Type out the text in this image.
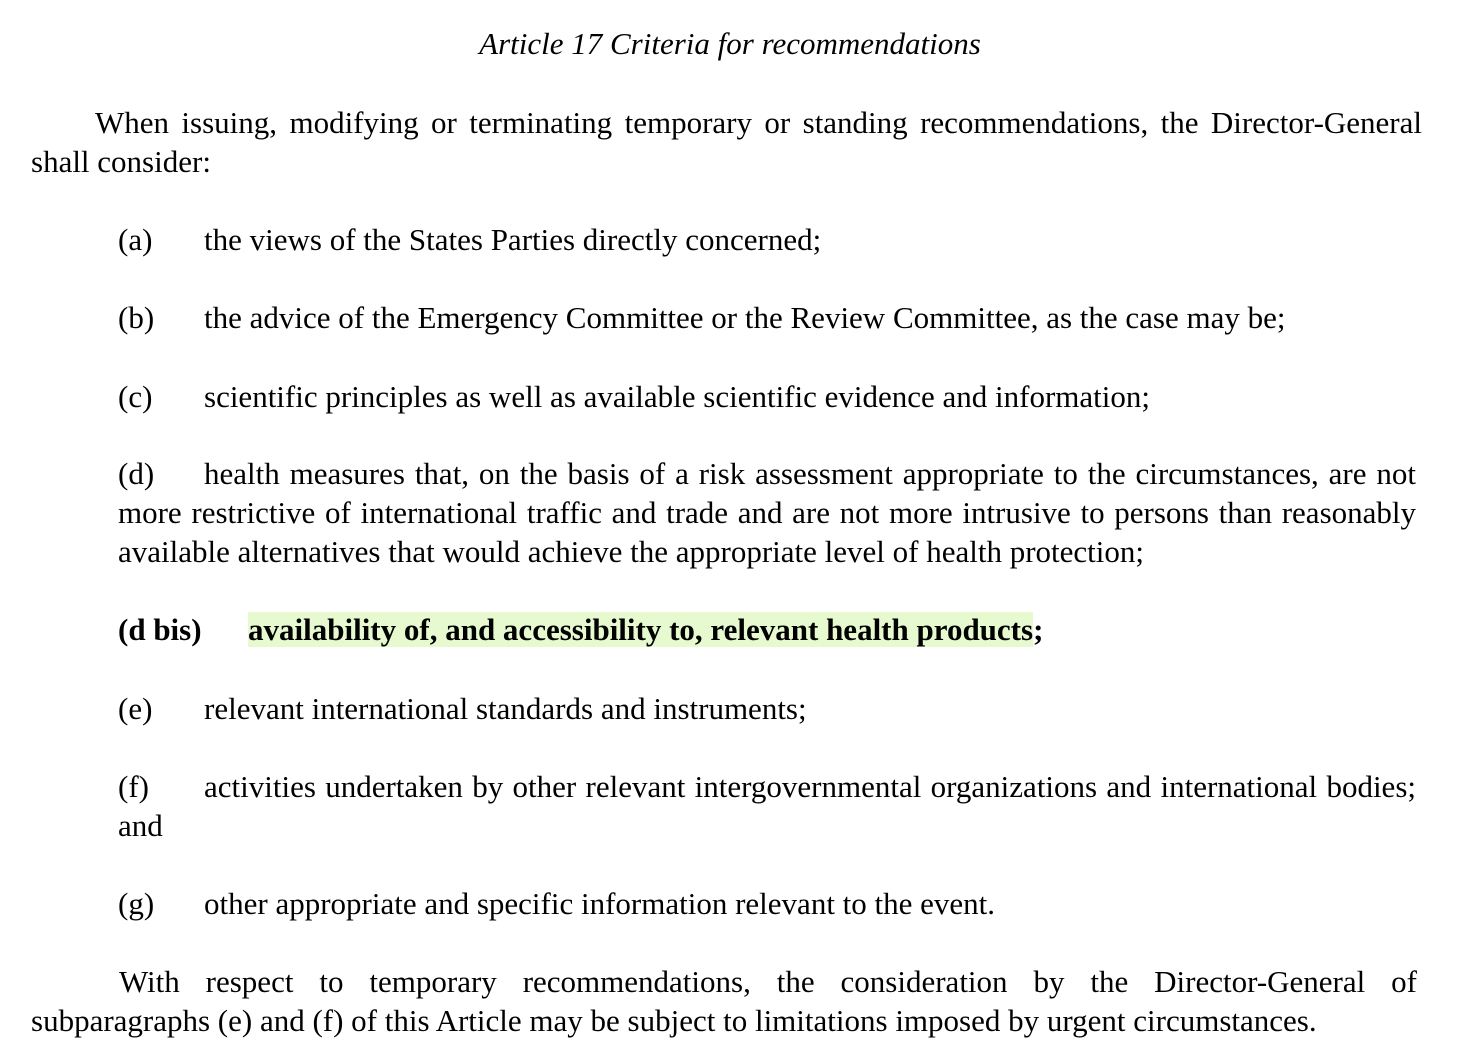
Article 17 Criteria for recommendations
When issuing, modifying or terminating temporary or standing recommendations, the Director-General shall consider:
(a) the views of the States Parties directly concerned;
(b) the advice of the Emergency Committee or the Review Committee, as the case may be;
(c) scientific principles as well as available scientific evidence and information;
(d) health measures that, on the basis of a risk assessment appropriate to the circumstances, are not more restrictive of international traffic and trade and are not more intrusive to persons than reasonably available alternatives that would achieve the appropriate level of health protection;
(d bis) availability of, and accessibility to, relevant health products;
(e) relevant international standards and instruments;
(f) activities undertaken by other relevant intergovernmental organizations and international bodies; and
(g) other appropriate and specific information relevant to the event.
With respect to temporary recommendations, the consideration by the Director-General of subparagraphs (e) and (f) of this Article may be subject to limitations imposed by urgent circumstances.
